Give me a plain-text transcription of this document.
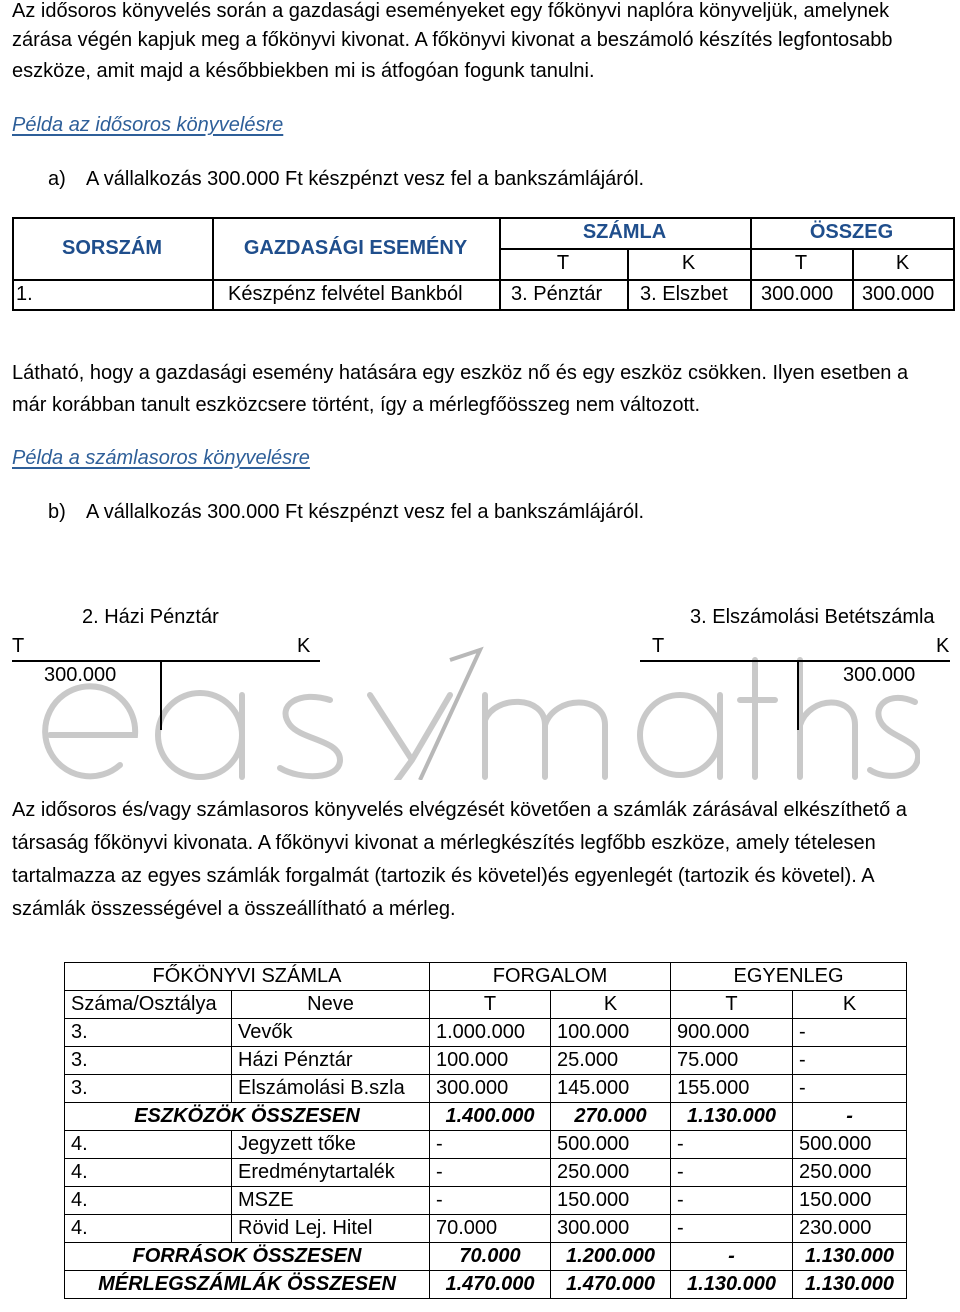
Az idősoros könyvelés során a gazdasági eseményeket egy főkönyvi naplóra könyveljük, amelynek
zárása végén kapjuk meg a főkönyvi kivonat. A főkönyvi kivonat a beszámoló készítés legfontosabb
eszköze, amit majd a későbbiekben mi is átfogóan fogunk tanulni.
Példa az idősoros könyvelésre
a) A vállalkozás 300.000 Ft készpénzt vesz fel a bankszámlájáról.
SORSZÁM	GAZDASÁGI ESEMÉNY
SZÁMLA	ÖSSZEG
T	K	T	K
1.	Készpénz felvétel Bankból	3. Pénztár	3. Elszbet	300.000	300.000
Látható, hogy a gazdasági esemény hatására egy eszköz nő és egy eszköz csökken. Ilyen esetben a
már korábban tanult eszközcsere történt, így a mérlegfőösszeg nem változott.
Példa a számlasoros könyvelésre
b) A vállalkozás 300.000 Ft készpénzt vesz fel a bankszámlájáról.
2. Házi Pénztár
T	K
300.000
3. Elszámolási Betétszámla
T	K
300.000
Az idősoros és/vagy számlasoros könyvelés elvégzését követően a számlák zárásával elkészíthető a
társaság főkönyvi kivonata. A főkönyvi kivonat a mérlegkészítés legfőbb eszköze, amely tételesen
tartalmazza az egyes számlák forgalmát (tartozik és követel)és egyenlegét (tartozik és követel). A
számlák összességével a összeállítható a mérleg.
FŐKÖNYVI SZÁMLA		FORGALOM		EGYENLEG	
Száma/Osztálya	Neve	T	K	T	K
3.	Vevők	1.000.000	100.000	900.000	-
3.	Házi Pénztár	100.000	25.000	75.000	-
3.	Elszámolási B.szla	300.000	145.000	155.000	-
ESZKÖZÖK ÖSSZESEN		1.400.000	270.000	1.130.000	-
4.	Jegyzett tőke	-	500.000	-	500.000
4.	Eredménytartalék	-	250.000	-	250.000
4.	MSZE	-	150.000	-	150.000
4.	Rövid Lej. Hitel	70.000	300.000	-	230.000
FORRÁSOK ÖSSZESEN		70.000	1.200.000	-	1.130.000
MÉRLEGSZÁMLÁK ÖSSZESEN		1.470.000	1.470.000	1.130.000	1.130.000
